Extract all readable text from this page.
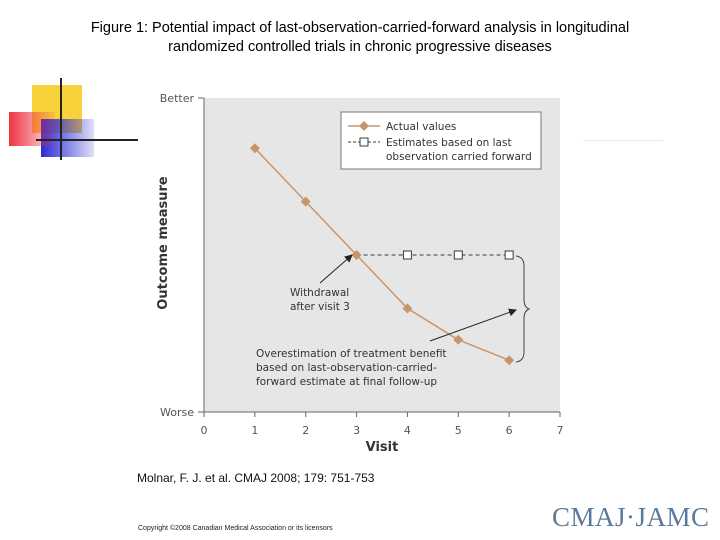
Figure 1: Potential impact of last-observation-carried-forward analysis in longitudinal
randomized controlled trials in chronic progressive diseases
0	1	2	3	4	5	6	7
Better
Worse
Visit
Outcome measure
Actual values
Estimates based on last
observation carried forward
Withdrawal
after visit 3
Overestimation of treatment benefit
based on last-observation-carried-
forward estimate at final follow-up
Molnar, F. J. et al. CMAJ 2008; 179: 751-753
Copyright ©2008 Canadian Medical Association or its licensors	CMAJ·JAMC
